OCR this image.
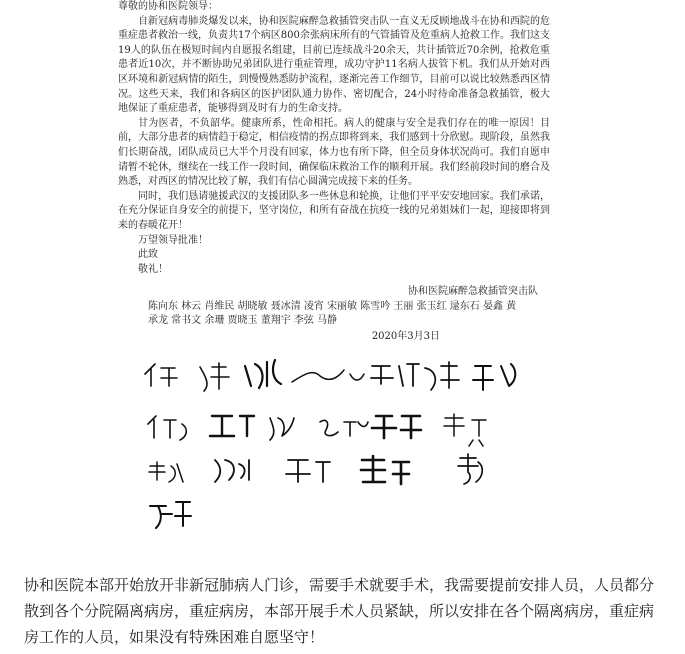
尊敬的协和医院领导：

自新冠病毒肺炎爆发以来，协和医院麻醉急救插管突击队一直义无反顾地战斗在协和西院的危重症患者救治一线，负责共17个病区800余张病床所有的气管插管及危重病人抢救工作。我们这支19人的队伍在极短时间内自愿报名组建，目前已连续战斗20余天，共计插管近70余例，抢救危重患者近10次，并不断协助兄弟团队进行重症管理，成功守护11名病人拔管下机。我们从开始对西区环境和新冠病情的陌生，到慢慢熟悉防护流程，逐渐完善工作细节，目前可以说比较熟悉西区情况。这些天来，我们和各病区的医护团队通力协作、密切配合，24小时待命准备急救插管，极大地保证了重症患者，能够得到及时有力的生命支持。

甘为医者，不负韶华。健康所系，性命相托。病人的健康与安全是我们存在的唯一原因！目前，大部分患者的病情趋于稳定，相信疫情的拐点即将到来，我们感到十分欣慰。现阶段，虽然我们长期奋战，团队成员已大半个月没有回家，体力也有所下降，但全员身体状况尚可。我们自愿申请暂不轮休，继续在一线工作一段时间，确保临床救治工作的顺利开展。我们经前段时间的磨合及熟悉，对西区的情况比较了解，我们有信心圆满完成接下来的任务。

同时，我们恳请驰援武汉的支援团队多一些休息和轮换，让他们平平安安地回家。我们承诺，在充分保证自身安全的前提下，坚守岗位，和所有奋战在抗疫一线的兄弟姐妹们一起，迎接即将到来的春暖花开！

万望领导批准！

此致

敬礼！

协和医院麻醉急救插管突击队

陈向东 林云 肖维民 胡晓敏 聂冰清 凌宵 宋丽敏 陈雪吟 王丽 张玉红 逯东石 晏鑫 黄

承龙 常书文 余珊 贾晓玉 董翔宇 李弦 马静

2020年3月3日

协和医院本部开始放开非新冠肺病人门诊，需要手术就要手术，我需要提前安排人员，人员都分散到各个分院隔离病房，重症病房，本部开展手术人员紧缺，所以安排在各个隔离病房，重症病房工作的人员，如果没有特殊困难自愿坚守！
